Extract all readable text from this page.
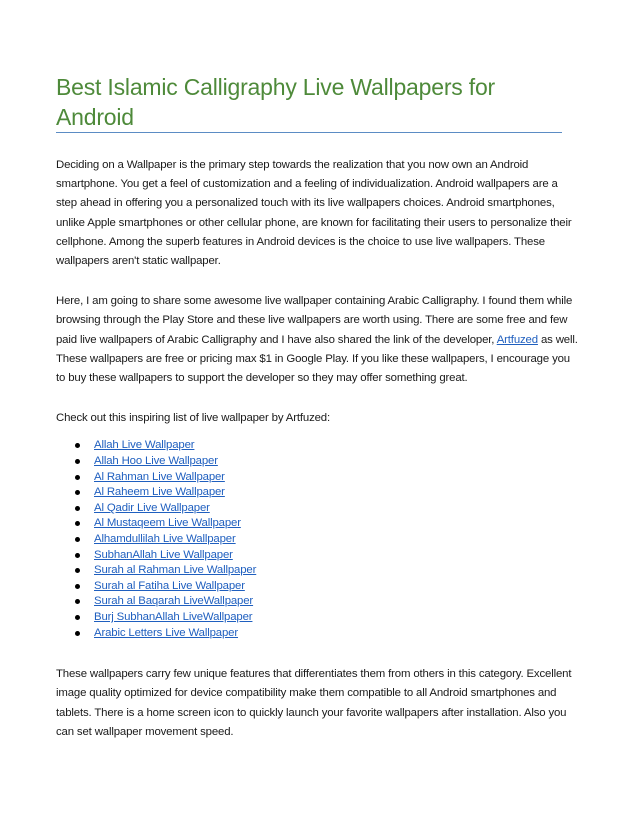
Best Islamic Calligraphy Live Wallpapers for Android

Deciding on a Wallpaper is the primary step towards the realization that you now own an Android smartphone. You get a feel of customization and a feeling of individualization. Android wallpapers are a step ahead in offering you a personalized touch with its live wallpapers choices. Android smartphones, unlike Apple smartphones or other cellular phone, are known for facilitating their users to personalize their cellphone. Among the superb features in Android devices is the choice to use live wallpapers. These wallpapers aren't static wallpaper.

Here, I am going to share some awesome live wallpaper containing Arabic Calligraphy. I found them while browsing through the Play Store and these live wallpapers are worth using. There are some free and few paid live wallpapers of Arabic Calligraphy and I have also shared the link of the developer, Artfuzed as well. These wallpapers are free or pricing max $1 in Google Play. If you like these wallpapers, I encourage you to buy these wallpapers to support the developer so they may offer something great.

Check out this inspiring list of live wallpaper by Artfuzed:

Allah Live Wallpaper
Allah Hoo Live Wallpaper
Al Rahman Live Wallpaper
Al Raheem Live Wallpaper
Al Qadir Live Wallpaper
Al Mustaqeem Live Wallpaper
Alhamdullilah Live Wallpaper
SubhanAllah Live Wallpaper
Surah al Rahman Live Wallpaper
Surah al Fatiha Live Wallpaper
Surah al Baqarah LiveWallpaper
Burj SubhanAllah LiveWallpaper
Arabic Letters Live Wallpaper

These wallpapers carry few unique features that differentiates them from others in this category. Excellent image quality optimized for device compatibility make them compatible to all Android smartphones and tablets. There is a home screen icon to quickly launch your favorite wallpapers after installation. Also you can set wallpaper movement speed.
